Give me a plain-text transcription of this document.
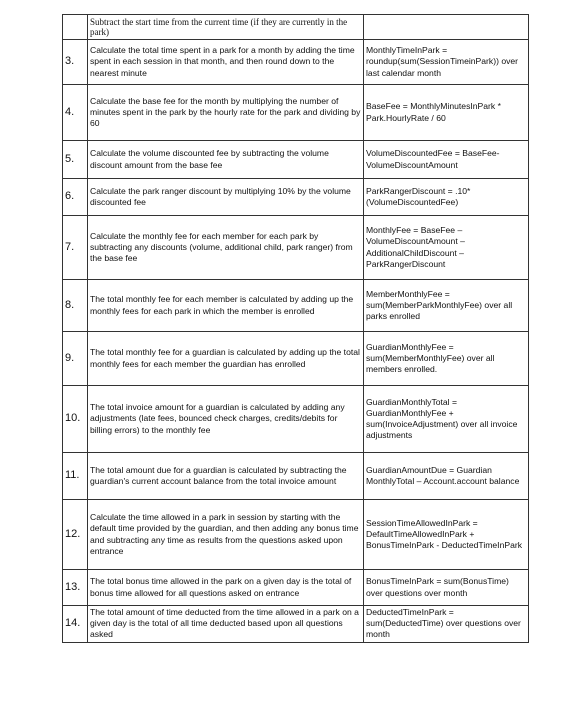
	Subtract the start time from the current time (if they are currently in the park)	
3.	Calculate the total time spent in a park for a month by adding the time spent in each session in that month, and then round down to the nearest minute	MonthlyTimeInPark = roundup(sum(SessionTimeinPark)) over last calendar month
4.	Calculate the base fee for the month by multiplying the number of minutes spent in the park by the hourly rate for the park and dividing by 60	BaseFee = MonthlyMinutesInPark * Park.HourlyRate / 60
5.	Calculate the volume discounted fee by subtracting the volume discount amount from the base fee	VolumeDiscountedFee = BaseFee-VolumeDiscountAmount
6.	Calculate the park ranger discount by multiplying 10% by the volume discounted fee	ParkRangerDiscount = .10*(VolumeDiscountedFee)
7.	Calculate the monthly fee for each member for each park by subtracting any discounts (volume, additional child, park ranger) from the base fee	MonthlyFee = BaseFee – VolumeDiscountAmount – AdditionalChildDiscount – ParkRangerDiscount
8.	The total monthly fee for each member is calculated by adding up the monthly fees for each park in which the member is enrolled	MemberMonthlyFee = sum(MemberParkMonthlyFee) over all parks enrolled
9.	The total monthly fee for a guardian is calculated by adding up the total monthly fees for each member the guardian has enrolled	GuardianMonthlyFee = sum(MemberMonthlyFee) over all members enrolled.
10.	The total invoice amount for a guardian is calculated by adding any adjustments (late fees, bounced check charges, credits/debits for billing errors) to the monthly fee	GuardianMonthlyTotal = GuardianMonthlyFee + sum(InvoiceAdjustment) over all invoice adjustments
11.	The total amount due for a guardian is calculated by subtracting the guardian's current account balance from the total invoice amount	GuardianAmountDue = Guardian MonthlyTotal – Account.account balance
12.	Calculate the time allowed in a park in session by starting with the default time provided by the guardian, and then adding any bonus time and subtracting any time as results from the questions asked upon entrance	SessionTimeAllowedInPark = DefaultTimeAllowedInPark + BonusTimeInPark - DeductedTimeInPark
13.	The total bonus time allowed in the park on a given day is the total of bonus time allowed for all questions asked on entrance	BonusTimeInPark = sum(BonusTime) over questions over month
14.	The total amount of time deducted from the time allowed in a park on a given day is the total of all time deducted based upon all questions asked	DeductedTimeInPark = sum(DeductedTime) over questions over month
